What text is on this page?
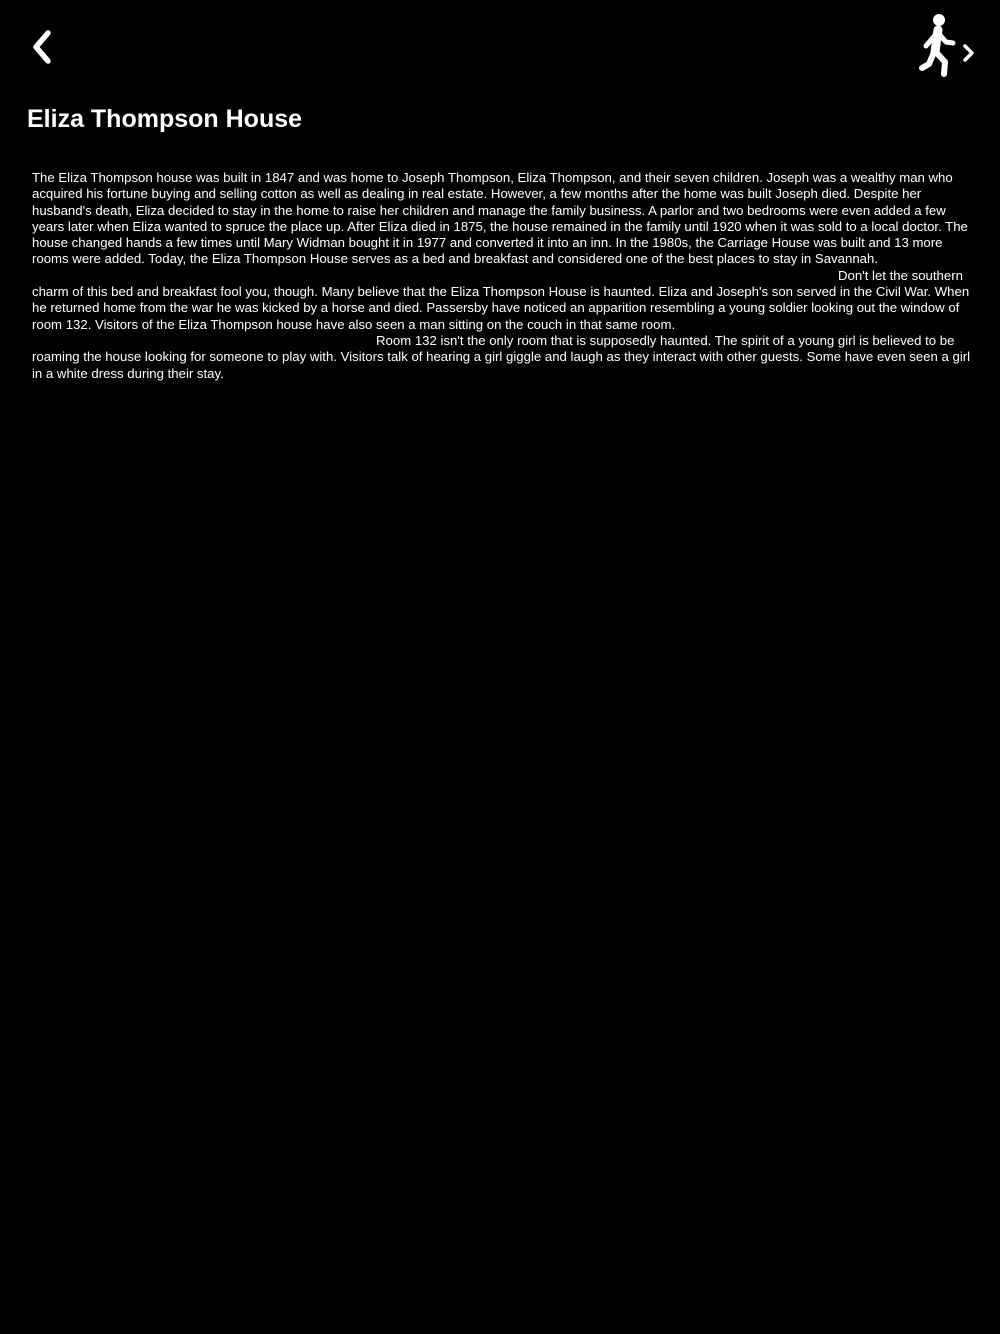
Eliza Thompson House

The Eliza Thompson house was built in 1847 and was home to Joseph Thompson, Eliza Thompson, and their seven children. Joseph was a wealthy man who acquired his fortune buying and selling cotton as well as dealing in real estate. However, a few months after the home was built Joseph died. Despite her husband's death, Eliza decided to stay in the home to raise her children and manage the family business. A parlor and two bedrooms were even added a few years later when Eliza wanted to spruce the place up. After Eliza died in 1875, the house remained in the family until 1920 when it was sold to a local doctor. The house changed hands a few times until Mary Widman bought it in 1977 and converted it into an inn. In the 1980s, the Carriage House was built and 13 more rooms were added. Today, the Eliza Thompson House serves as a bed and breakfast and considered one of the best places to stay in Savannah.

Don't let the southern charm of this bed and breakfast fool you, though. Many believe that the Eliza Thompson House is haunted. Eliza and Joseph's son served in the Civil War. When he returned home from the war he was kicked by a horse and died. Passersby have noticed an apparition resembling a young soldier looking out the window of room 132. Visitors of the Eliza Thompson house have also seen a man sitting on the couch in that same room.

Room 132 isn't the only room that is supposedly haunted. The spirit of a young girl is believed to be roaming the house looking for someone to play with. Visitors talk of hearing a girl giggle and laugh as they interact with other guests. Some have even seen a girl in a white dress during their stay.
